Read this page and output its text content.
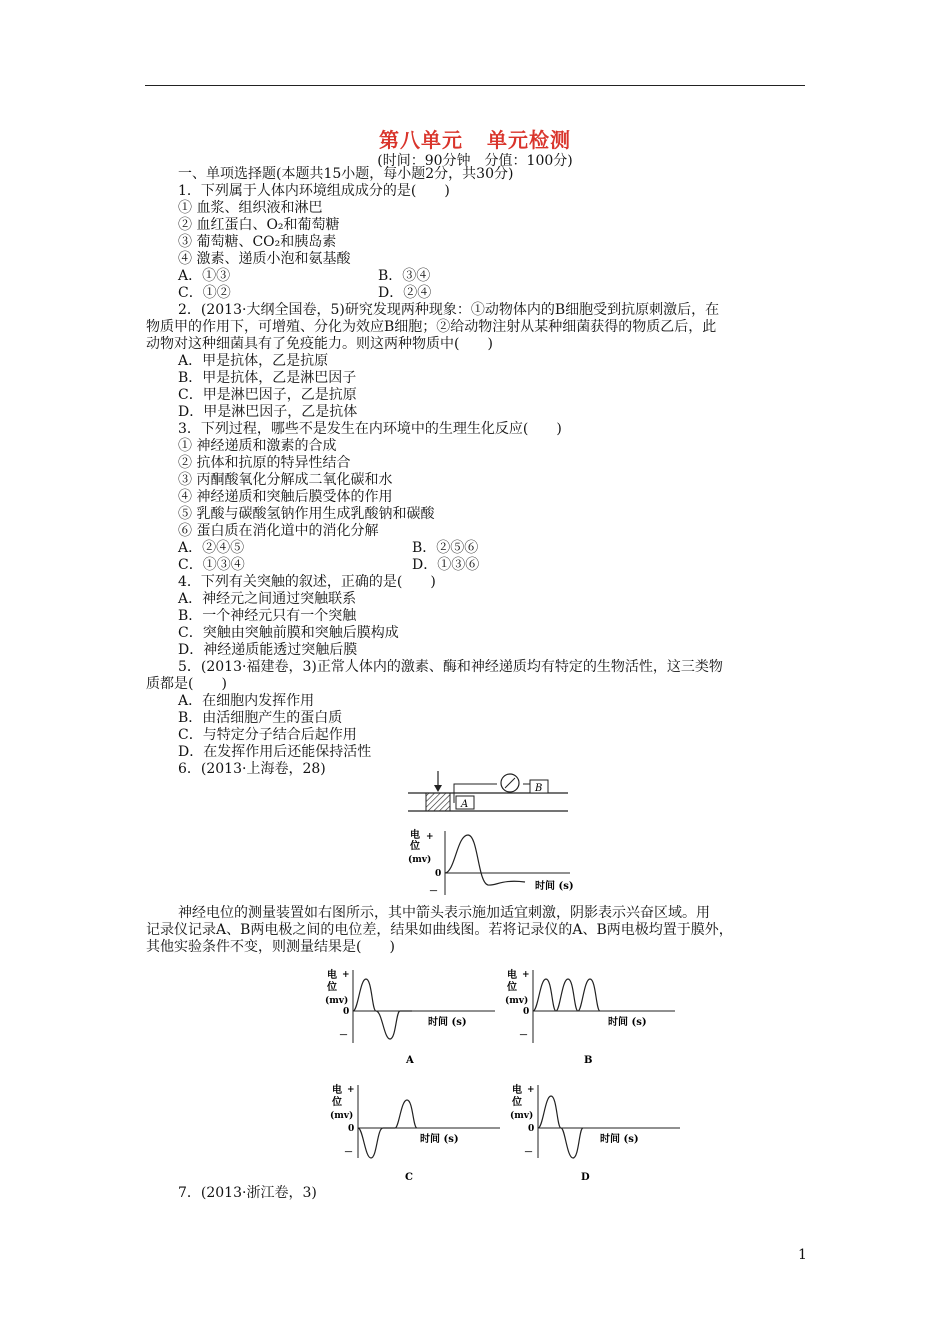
第八单元 单元检测
(时间：90分钟　分值：100分)
一、单项选择题(本题共15小题，每小题2分，共30分)
1．下列属于人体内环境组成成分的是(　　)
① 血浆、组织液和淋巴
② 血红蛋白、O₂和葡萄糖
③ 葡萄糖、CO₂和胰岛素
④ 激素、递质小泡和氨基酸
A．①③	B．③④
C．①②	D．②④
2．(2013·大纲全国卷，5)研究发现两种现象：①动物体内的B细胞受到抗原刺激后，在
物质甲的作用下，可增殖、分化为效应B细胞；②给动物注射从某种细菌获得的物质乙后，此
动物对这种细菌具有了免疫能力。则这两种物质中(　　)
A．甲是抗体，乙是抗原
B．甲是抗体，乙是淋巴因子
C．甲是淋巴因子，乙是抗原
D．甲是淋巴因子，乙是抗体
3．下列过程，哪些不是发生在内环境中的生理生化反应(　　)
① 神经递质和激素的合成
② 抗体和抗原的特异性结合
③ 丙酮酸氧化分解成二氧化碳和水
④ 神经递质和突触后膜受体的作用
⑤ 乳酸与碳酸氢钠作用生成乳酸钠和碳酸
⑥ 蛋白质在消化道中的消化分解
A．②④⑤	B．②⑤⑥
C．①③④	D．①③⑥
4．下列有关突触的叙述，正确的是(　　)
A．神经元之间通过突触联系
B．一个神经元只有一个突触
C．突触由突触前膜和突触后膜构成
D．神经递质能透过突触后膜
5．(2013·福建卷，3)正常人体内的激素、酶和神经递质均有特定的生物活性，这三类物
质都是(　　)
A．在细胞内发挥作用
B．由活细胞产生的蛋白质
C．与特定分子结合后起作用
D．在发挥作用后还能保持活性
6．(2013·上海卷，28)
A
B
电
位
(mv)
+
0
－	时间 (s)
神经电位的测量装置如右图所示，其中箭头表示施加适宜刺激，阴影表示兴奋区域。用
记录仪记录A、B两电极之间的电位差，结果如曲线图。若将记录仪的A、B两电极均置于膜外，
其他实验条件不变，则测量结果是(　　)
电 +
位
(mv)
0
－
时间 (s)
A
电 +
位
(mv)
0
－
时间 (s)
B
电 +
位
(mv)
0
－
时间 (s)
C
电 +
位
(mv)
0
－
时间 (s)
D
7．(2013·浙江卷，3)
1
